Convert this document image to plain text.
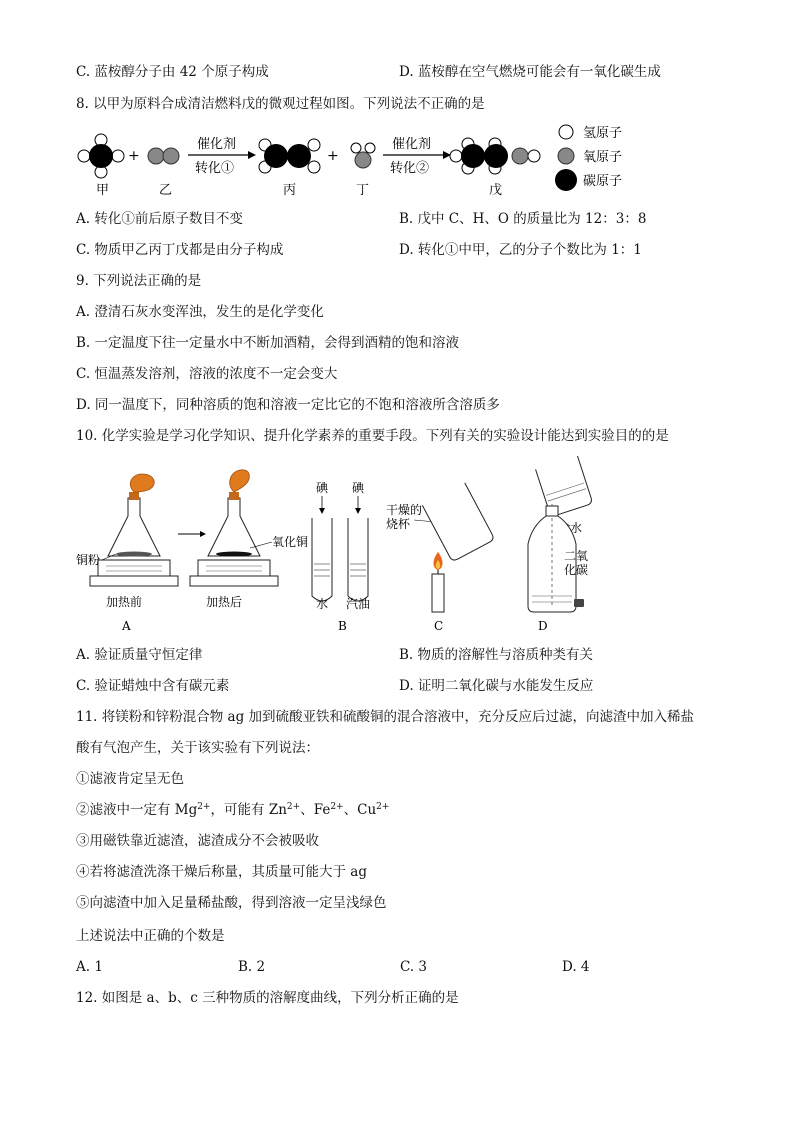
C. 蓝桉醇分子由 42 个原子构成	D. 蓝桉醇在空气燃烧可能会有一氧化碳生成
8. 以甲为原料合成清洁燃料戊的微观过程如图。下列说法不正确的是
+
催化剂
转化①
+
催化剂
转化②
甲	乙	丙	丁	戊
氢原子
氧原子
碳原子
A. 转化①前后原子数目不变	B. 戊中 C、H、O 的质量比为 12：3：8
C. 物质甲乙丙丁戊都是由分子构成	D. 转化①中甲，乙的分子个数比为 1：1
9. 下列说法正确的是
A. 澄清石灰水变浑浊，发生的是化学变化
B. 一定温度下往一定量水中不断加酒精，会得到酒精的饱和溶液
C. 恒温蒸发溶剂，溶液的浓度不一定会变大
D. 同一温度下，同种溶质的饱和溶液一定比它的不饱和溶液所含溶质多
10. 化学实验是学习化学知识、提升化学素养的重要手段。下列有关的实验设计能达到实验目的的是
氧化铜
铜粉
加热前	加热后
A
碘
水
碘
汽油
B
干燥的
烧杯
C
水
二氧
化碳
D
A. 验证质量守恒定律	B. 物质的溶解性与溶质种类有关
C. 验证蜡烛中含有碳元素	D. 证明二氧化碳与水能发生反应
11. 将镁粉和锌粉混合物 ag 加到硫酸亚铁和硫酸铜的混合溶液中，充分反应后过滤，向滤渣中加入稀盐
酸有气泡产生，关于该实验有下列说法：
①滤液肯定呈无色
②滤液中一定有 $Mg^{2+}$，可能有 $Zn^{2+}$、$Fe^{2+}$、$Cu^{2+}$
③用磁铁靠近滤渣，滤渣成分不会被吸收
④若将滤渣洗涤干燥后称量，其质量可能大于 ag
⑤向滤渣中加入足量稀盐酸，得到溶液一定呈浅绿色
上述说法中正确的个数是
A. 1	B. 2	C. 3	D. 4
12. 如图是 a、b、c 三种物质的溶解度曲线，下列分析正确的是
